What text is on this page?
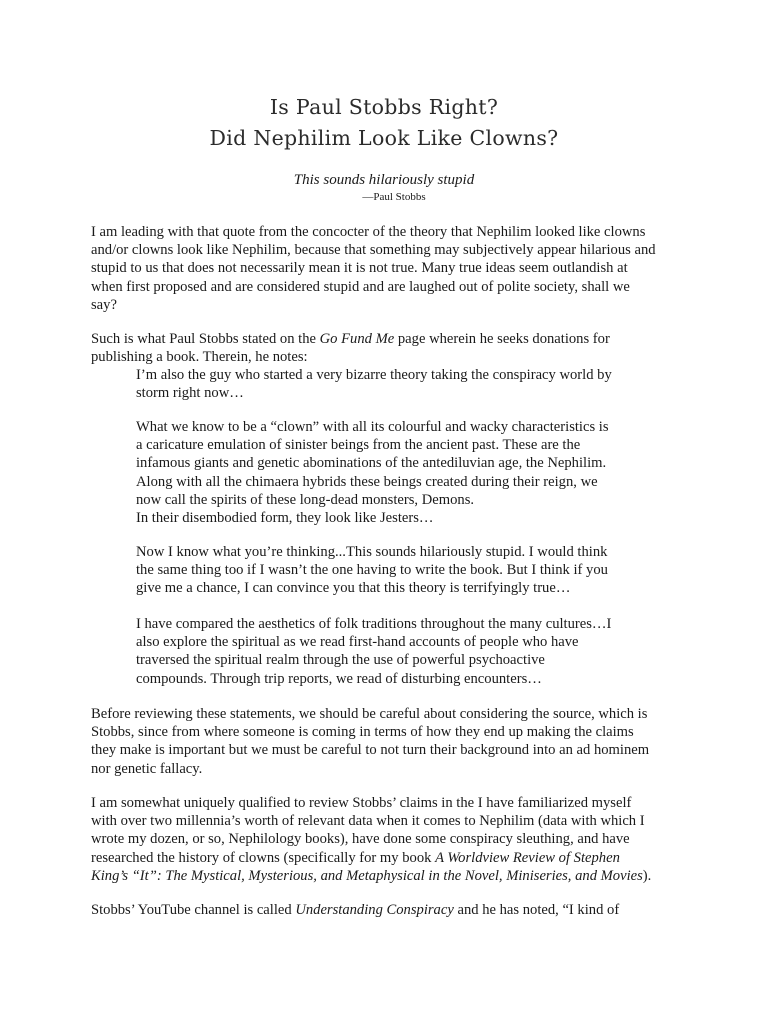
Is Paul Stobbs Right?
Did Nephilim Look Like Clowns?
This sounds hilariously stupid
—Paul Stobbs

I am leading with that quote from the concocter of the theory that Nephilim looked like clowns
and/or clowns look like Nephilim, because that something may subjectively appear hilarious and
stupid to us that does not necessarily mean it is not true. Many true ideas seem outlandish at
when first proposed and are considered stupid and are laughed out of polite society, shall we
say?

Such is what Paul Stobbs stated on the Go Fund Me page wherein he seeks donations for
publishing a book. Therein, he notes:

I’m also the guy who started a very bizarre theory taking the conspiracy world by
storm right now…
What we know to be a “clown” with all its colourful and wacky characteristics is
a caricature emulation of sinister beings from the ancient past. These are the
infamous giants and genetic abominations of the antediluvian age, the Nephilim.
Along with all the chimaera hybrids these beings created during their reign, we
now call the spirits of these long-dead monsters, Demons.
In their disembodied form, they look like Jesters…
Now I know what you’re thinking...This sounds hilariously stupid. I would think
the same thing too if I wasn’t the one having to write the book. But I think if you
give me a chance, I can convince you that this theory is terrifyingly true…
I have compared the aesthetics of folk traditions throughout the many cultures…I
also explore the spiritual as we read first-hand accounts of people who have
traversed the spiritual realm through the use of powerful psychoactive
compounds. Through trip reports, we read of disturbing encounters…

Before reviewing these statements, we should be careful about considering the source, which is
Stobbs, since from where someone is coming in terms of how they end up making the claims
they make is important but we must be careful to not turn their background into an ad hominem
nor genetic fallacy.

I am somewhat uniquely qualified to review Stobbs’ claims in the I have familiarized myself
with over two millennia’s worth of relevant data when it comes to Nephilim (data with which I
wrote my dozen, or so, Nephilology books), have done some conspiracy sleuthing, and have
researched the history of clowns (specifically for my book A Worldview Review of Stephen
King’s “It”: The Mystical, Mysterious, and Metaphysical in the Novel, Miniseries, and Movies).

Stobbs’ YouTube channel is called Understanding Conspiracy and he has noted, “I kind of
